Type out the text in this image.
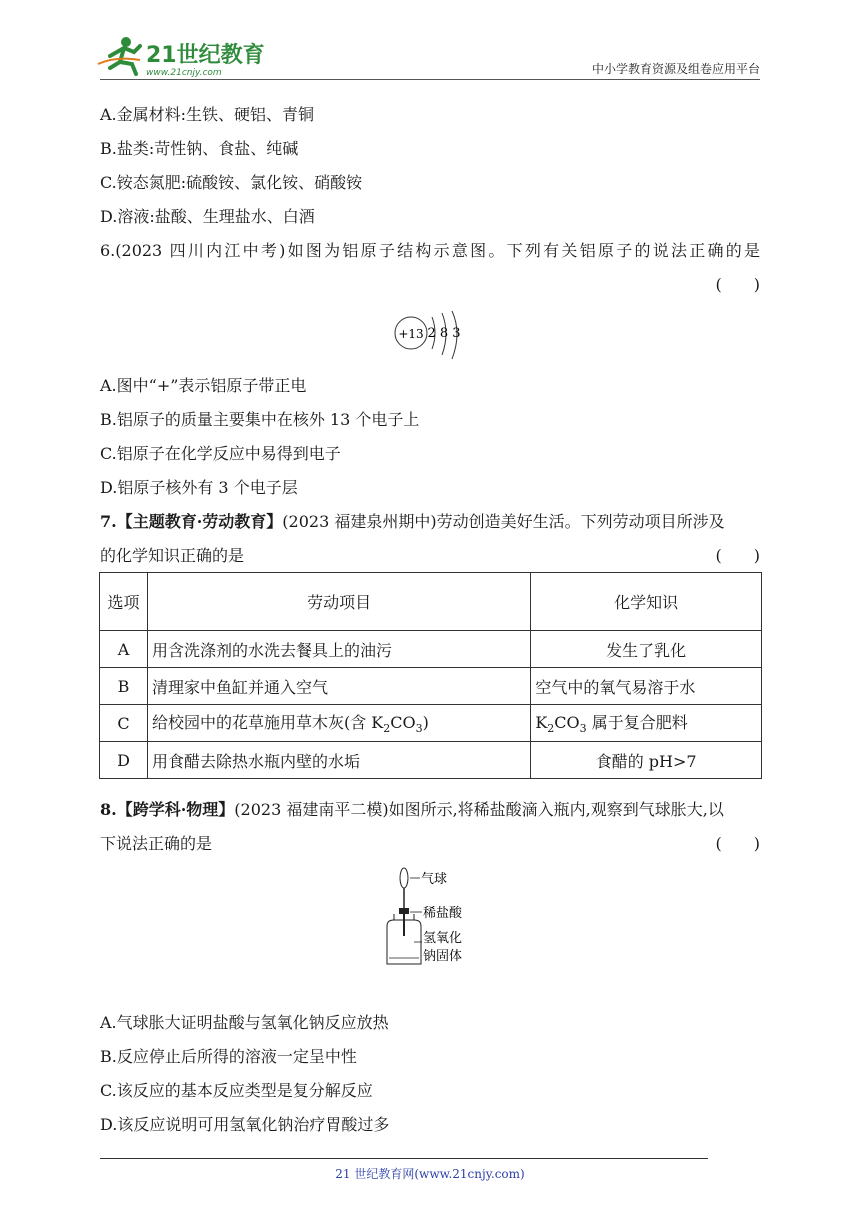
21世纪教育
www.21cnjy.com	中小学教育资源及组卷应用平台
A.金属材料:生铁、硬铝、青铜
B.盐类:苛性钠、食盐、纯碱
C.铵态氮肥:硫酸铵、氯化铵、硝酸铵
D.溶液:盐酸、生理盐水、白酒
6.(2023 四川内江中考)如图为铝原子结构示意图。下列有关铝原子的说法正确的是
(　　)
+13 2 8 3
A.图中“+”表示铝原子带正电
B.铝原子的质量主要集中在核外 13 个电子上
C.铝原子在化学反应中易得到电子
D.铝原子核外有 3 个电子层
7.【主题教育·劳动教育】(2023 福建泉州期中)劳动创造美好生活。下列劳动项目所涉及
的化学知识正确的是	(　　)
选项	劳动项目	化学知识
A	用含洗涤剂的水洗去餐具上的油污	发生了乳化
B	清理家中鱼缸并通入空气	空气中的氧气易溶于水
C	给校园中的花草施用草木灰(含 $K_2CO_3$)	$K_2CO_3$ 属于复合肥料
D	用食醋去除热水瓶内壁的水垢	食醋的 pH>7
8.【跨学科·物理】(2023 福建南平二模)如图所示,将稀盐酸滴入瓶内,观察到气球胀大,以
下说法正确的是	(　　)
气球
稀盐酸
氢氧化
钠固体
A.气球胀大证明盐酸与氢氧化钠反应放热
B.反应停止后所得的溶液一定呈中性
C.该反应的基本反应类型是复分解反应
D.该反应说明可用氢氧化钠治疗胃酸过多
21 世纪教育网(www.21cnjy.com)
